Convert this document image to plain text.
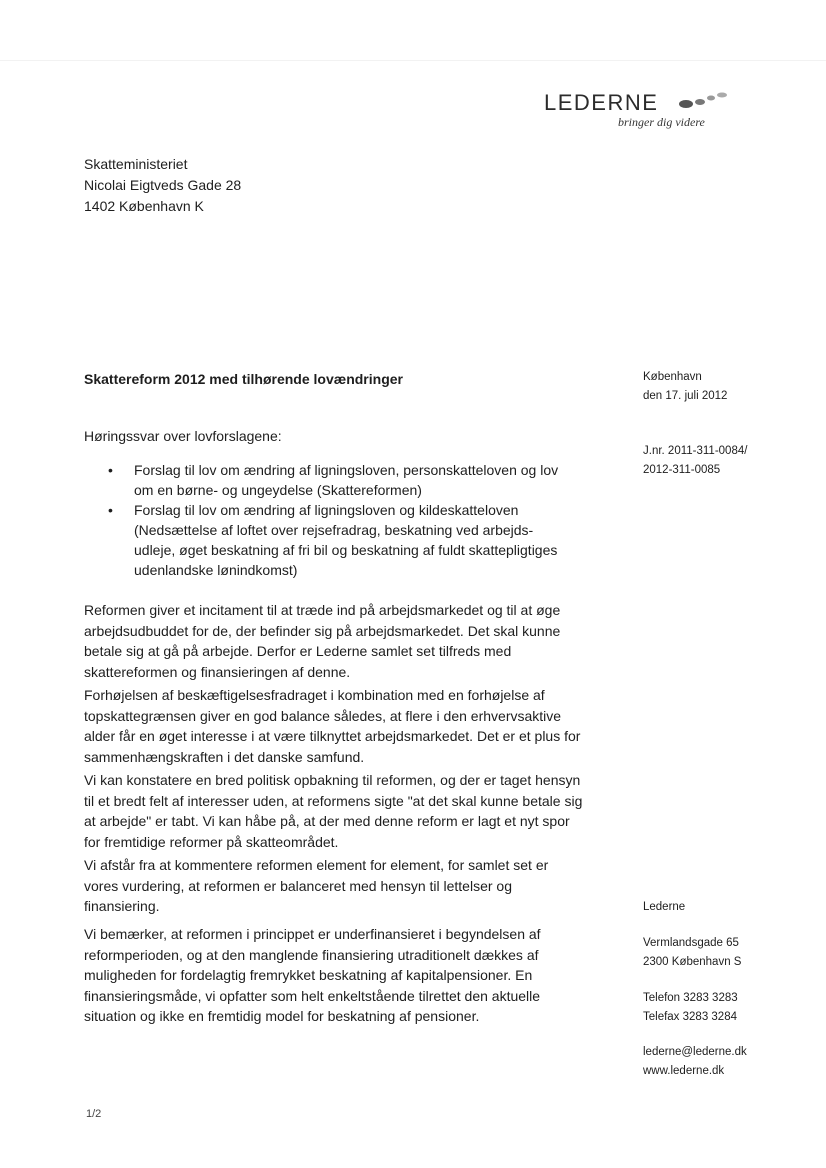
LEDERNE
bringer dig videre
Skatteministeriet
Nicolai Eigtveds Gade 28
1402 København K
Skattereform 2012 med tilhørende lovændringer	København
den 17. juli 2012
J.nr. 2011-311-0084/
2012-311-0085
Høringssvar over lovforslagene:
• Forslag til lov om ændring af ligningsloven, personskatteloven og lov om en børne- og ungeydelse (Skattereformen)
• Forslag til lov om ændring af ligningsloven og kildeskatteloven (Nedsættelse af loftet over rejsefradrag, beskatning ved arbejds-udleje, øget beskatning af fri bil og beskatning af fuldt skattepligtiges udenlandske lønindkomst)

Reformen giver et incitament til at træde ind på arbejdsmarkedet og til at øge arbejdsudbuddet for de, der befinder sig på arbejdsmarkedet. Det skal kunne betale sig at gå på arbejde. Derfor er Lederne samlet set tilfreds med skattereformen og finansieringen af denne.

Forhøjelsen af beskæftigelsesfradraget i kombination med en forhøjelse af topskattegrænsen giver en god balance således, at flere i den erhvervsaktive alder får en øget interesse i at være tilknyttet arbejdsmarkedet. Det er et plus for sammenhængskraften i det danske samfund.

Vi kan konstatere en bred politisk opbakning til reformen, og der er taget hensyn til et bredt felt af interesser uden, at reformens sigte "at det skal kunne betale sig at arbejde" er tabt. Vi kan håbe på, at der med denne reform er lagt et nyt spor for fremtidige reformer på skatteområdet.

Vi afstår fra at kommentere reformen element for element, for samlet set er vores vurdering, at reformen er balanceret med hensyn til lettelser og finansiering.

Vi bemærker, at reformen i princippet er underfinansieret i begyndelsen af reformperioden, og at den manglende finansiering utraditionelt dækkes af muligheden for fordelagtig fremrykket beskatning af kapitalpensioner. En finansieringsmåde, vi opfatter som helt enkeltstående tilrettet den aktuelle situation og ikke en fremtidig model for beskatning af pensioner.

Lederne
Vermlandsgade 65
2300 København S
Telefon 3283 3283
Telefax 3283 3284
lederne@lederne.dk
www.lederne.dk
1/2
